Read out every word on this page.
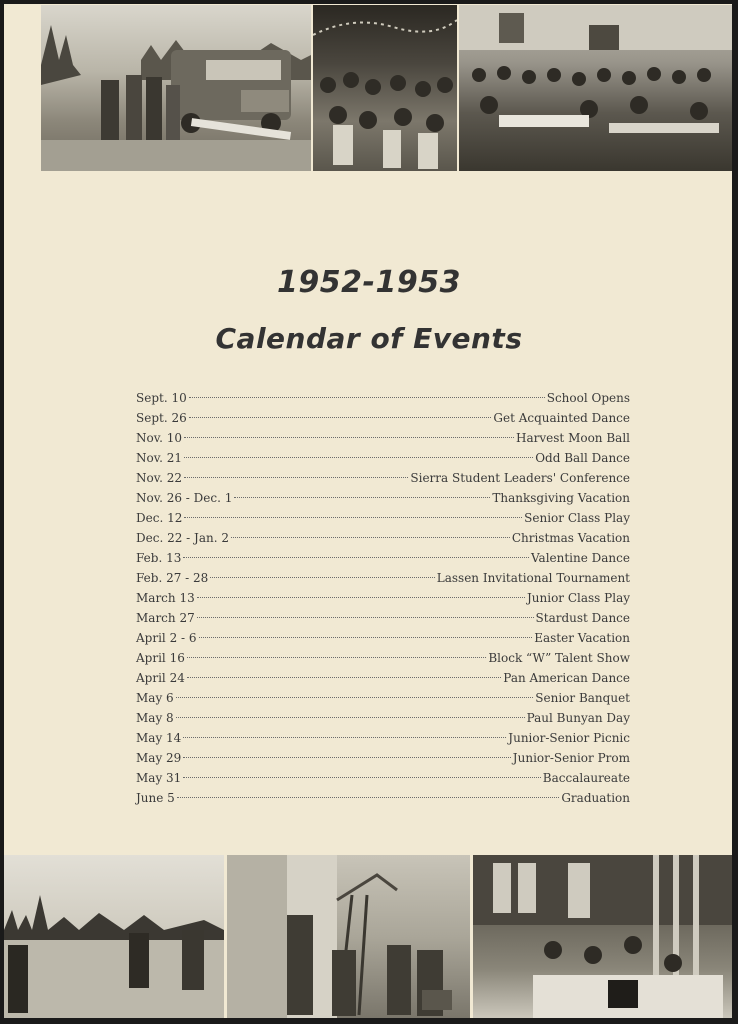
1952-1953
Calendar of Events
Sept. 10	School Opens
Sept. 26	Get Acquainted Dance
Nov. 10	Harvest Moon Ball
Nov. 21	Odd Ball Dance
Nov. 22	Sierra Student Leaders' Conference
Nov. 26 - Dec. 1	Thanksgiving Vacation
Dec. 12	Senior Class Play
Dec. 22 - Jan. 2	Christmas Vacation
Feb. 13	Valentine Dance
Feb. 27 - 28	Lassen Invitational Tournament
March 13	Junior Class Play
March 27	Stardust Dance
April 2 - 6	Easter Vacation
April 16	Block “W” Talent Show
April 24	Pan American Dance
May 6	Senior Banquet
May 8	Paul Bunyan Day
May 14	Junior-Senior Picnic
May 29	Junior-Senior Prom
May 31	Baccalaureate
June 5	Graduation
